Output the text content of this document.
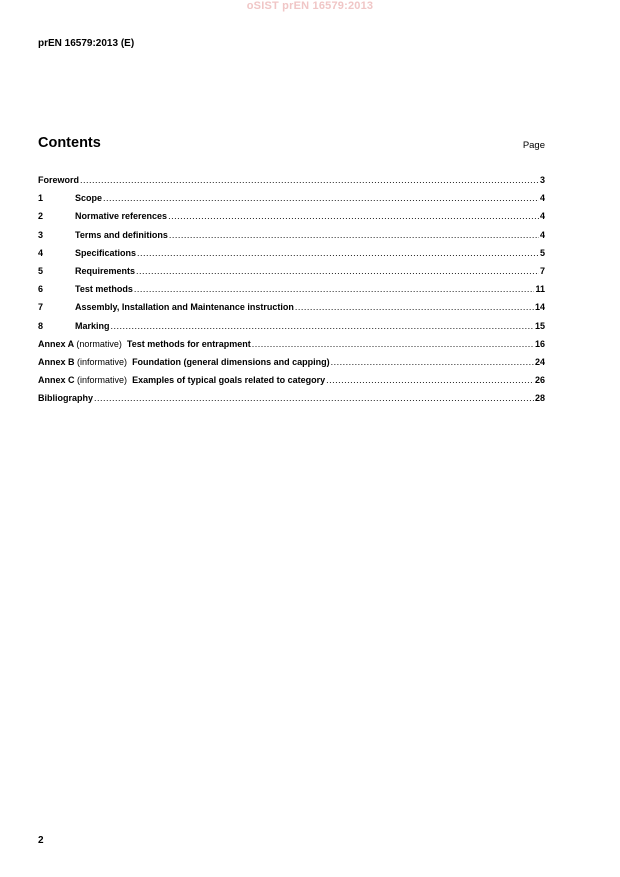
oSIST prEN 16579:2013
prEN 16579:2013 (E)
Contents	Page
Foreword .....	3
1	Scope .....	4
2	Normative references .....	4
3	Terms and definitions .....	4
4	Specifications .....	5
5	Requirements .....	7
6	Test methods .....	11
7	Assembly, Installation and Maintenance instruction .....	14
8	Marking .....	15
Annex A (normative) Test methods for entrapment .....	16
Annex B (informative) Foundation (general dimensions and capping) .....	24
Annex C (informative) Examples of typical goals related to category .....	26
Bibliography .....	28
2
